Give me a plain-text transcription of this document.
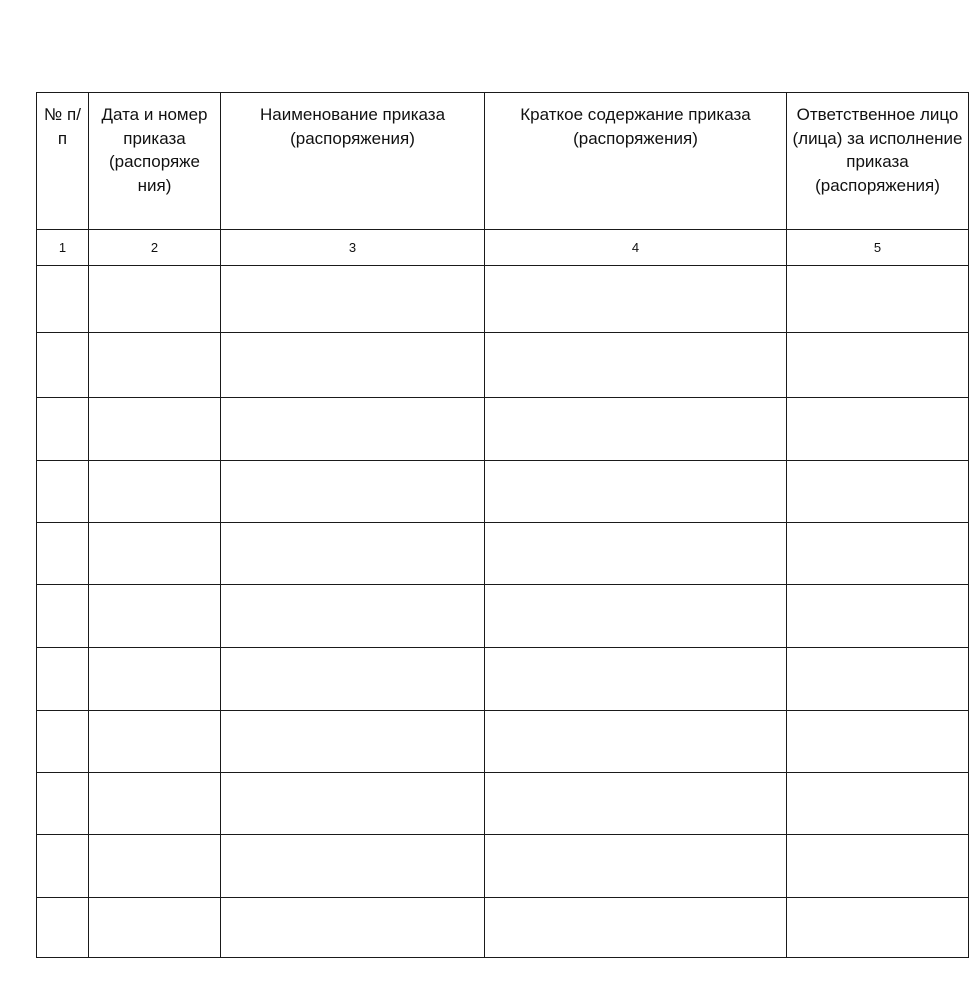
№ п/п	Дата и номер приказа (распоряже ния)	Наименование приказа (распоряжения)	Краткое содержание приказа (распоряжения)	Ответственное лицо (лица) за исполнение приказа (распоряжения)

1	2	3	4	5
